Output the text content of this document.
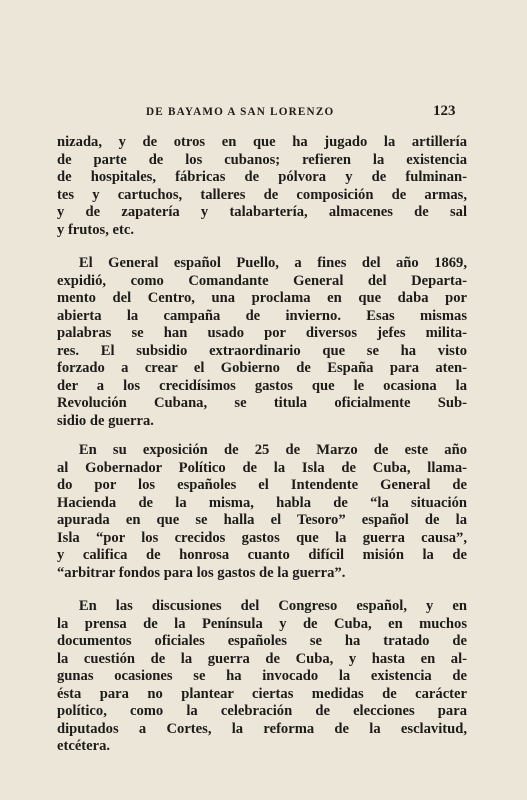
DE BAYAMO A SAN LORENZO	123
nizada, y de otros en que ha jugado la artillería
de parte de los cubanos; refieren la existencia
de hospitales, fábricas de pólvora y de fulminan-
tes y cartuchos, talleres de composición de armas,
y de zapatería y talabartería, almacenes de sal
y frutos, etc.
El General español Puello, a fines del año 1869,
expidió, como Comandante General del Departa-
mento del Centro, una proclama en que daba por
abierta la campaña de invierno. Esas mismas
palabras se han usado por diversos jefes milita-
res. El subsidio extraordinario que se ha visto
forzado a crear el Gobierno de España para aten-
der a los crecidísimos gastos que le ocasiona la
Revolución Cubana, se titula oficialmente Sub-
sidio de guerra.
En su exposición de 25 de Marzo de este año
al Gobernador Político de la Isla de Cuba, llama-
do por los españoles el Intendente General de
Hacienda de la misma, habla de “la situación
apurada en que se halla el Tesoro” español de la
Isla “por los crecidos gastos que la guerra causa”,
y califica de honrosa cuanto difícil misión la de
“arbitrar fondos para los gastos de la guerra”.
En las discusiones del Congreso español, y en
la prensa de la Península y de Cuba, en muchos
documentos oficiales españoles se ha tratado de
la cuestión de la guerra de Cuba, y hasta en al-
gunas ocasiones se ha invocado la existencia de
ésta para no plantear ciertas medidas de carácter
político, como la celebración de elecciones para
diputados a Cortes, la reforma de la esclavitud,
etcétera.
